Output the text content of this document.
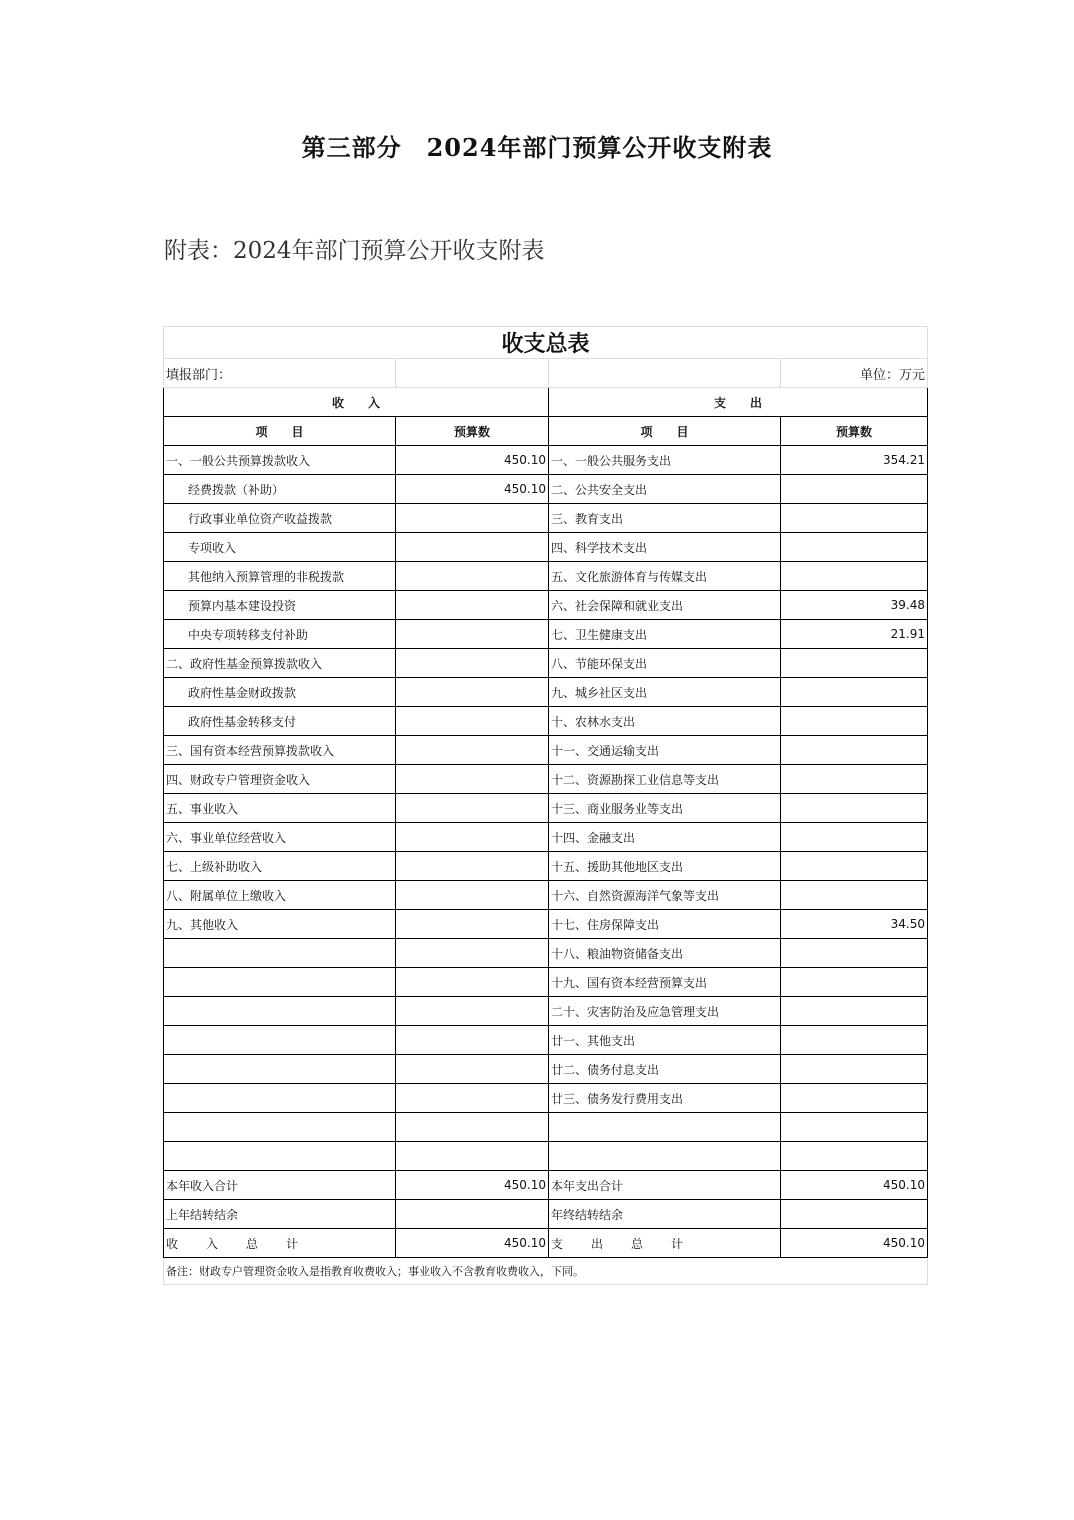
第三部分　2024年部门预算公开收支附表
附表：2024年部门预算公开收支附表
收支总表			
填报部门：			单位：万元
收　　入		支　　出	
项　　目	预算数	项　　目	预算数
一、一般公共预算拨款收入	450.10	一、一般公共服务支出	354.21
经费拨款（补助）	450.10	二、公共安全支出	
行政事业单位资产收益拨款		三、教育支出	
专项收入		四、科学技术支出	
其他纳入预算管理的非税拨款		五、文化旅游体育与传媒支出	
预算内基本建设投资		六、社会保障和就业支出	39.48
中央专项转移支付补助		七、卫生健康支出	21.91
二、政府性基金预算拨款收入		八、节能环保支出	
政府性基金财政拨款		九、城乡社区支出	
政府性基金转移支付		十、农林水支出	
三、国有资本经营预算拨款收入		十一、交通运输支出	
四、财政专户管理资金收入		十二、资源勘探工业信息等支出	
五、事业收入		十三、商业服务业等支出	
六、事业单位经营收入		十四、金融支出	
七、上级补助收入		十五、援助其他地区支出	
八、附属单位上缴收入		十六、自然资源海洋气象等支出	
九、其他收入		十七、住房保障支出	34.50
		十八、粮油物资储备支出	
		十九、国有资本经营预算支出	
		二十、灾害防治及应急管理支出	
		廿一、其他支出	
		廿二、债务付息支出	
		廿三、债务发行费用支出	

本年收入合计	450.10	本年支出合计	450.10
上年结转结余		年终结转结余	
收　入　总　计	450.10	支　出　总　计	450.10
备注：财政专户管理资金收入是指教育收费收入；事业收入不含教育收费收入，下同。			
